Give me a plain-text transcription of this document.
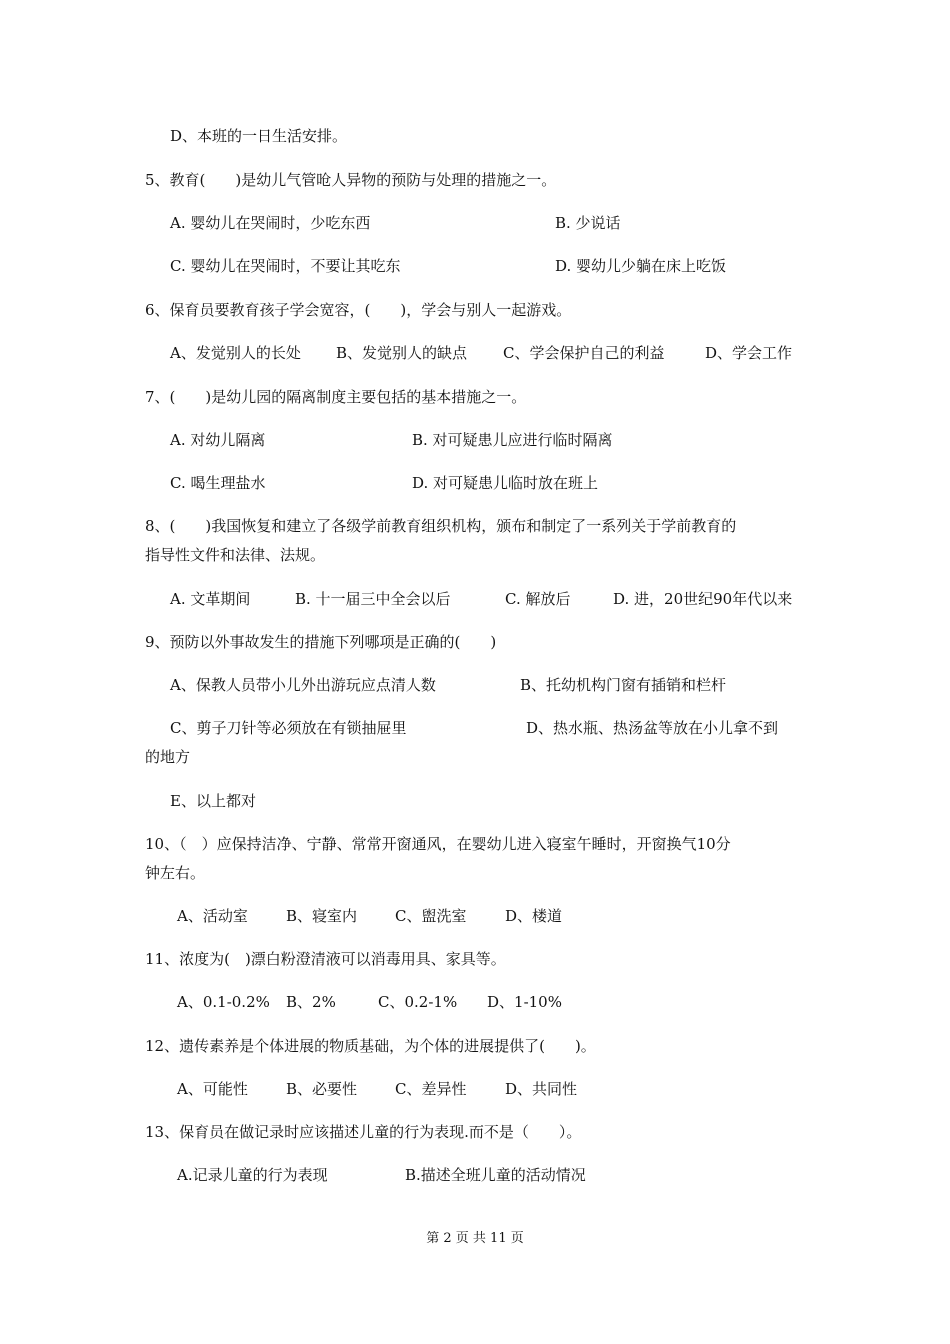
D、本班的一日生活安排。
5、教育(　　)是幼儿气管呛人异物的预防与处理的措施之一。
A. 婴幼儿在哭闹时，少吃东西	B. 少说话
C. 婴幼儿在哭闹时，不要让其吃东	D. 婴幼儿少躺在床上吃饭
6、保育员要教育孩子学会宽容，(　　)，学会与别人一起游戏。
A、发觉别人的长处 B、发觉别人的缺点 C、学会保护自己的利益	D、学会工作
7、(　　)是幼儿园的隔离制度主要包括的基本措施之一。
A. 对幼儿隔离	B. 对可疑患儿应进行临时隔离
C. 喝生理盐水	D. 对可疑患儿临时放在班上
8、(　　)我国恢复和建立了各级学前教育组织机构，颁布和制定了一系列关于学前教育的
指导性文件和法律、法规。
A. 文革期间	B. 十一届三中全会以后	C. 解放后	D. 进，20世纪90年代以来
9、预防以外事故发生的措施下列哪项是正确的(　　)
A、保教人员带小儿外出游玩应点清人数	B、托幼机构门窗有插销和栏杆
C、剪子刀针等必须放在有锁抽屉里	D、热水瓶、热汤盆等放在小儿拿不到
的地方
E、以上都对
10、（　）应保持洁净、宁静、常常开窗通风，在婴幼儿进入寝室午睡时，开窗换气10分
钟左右。
A、活动室	B、寝室内	C、盥洗室	D、楼道
11、浓度为(　)漂白粉澄清液可以消毒用具、家具等。
A、0.1-0.2% B、2%	C、0.2-1% D、1-10%
12、遗传素养是个体进展的物质基础，为个体的进展提供了(　　)。
A、可能性	B、必要性	C、差异性	D、共同性
13、保育员在做记录时应该描述儿童的行为表现.而不是（　　）。
A.记录儿童的行为表现	B.描述全班儿童的活动情况
第 2 页 共 11 页
